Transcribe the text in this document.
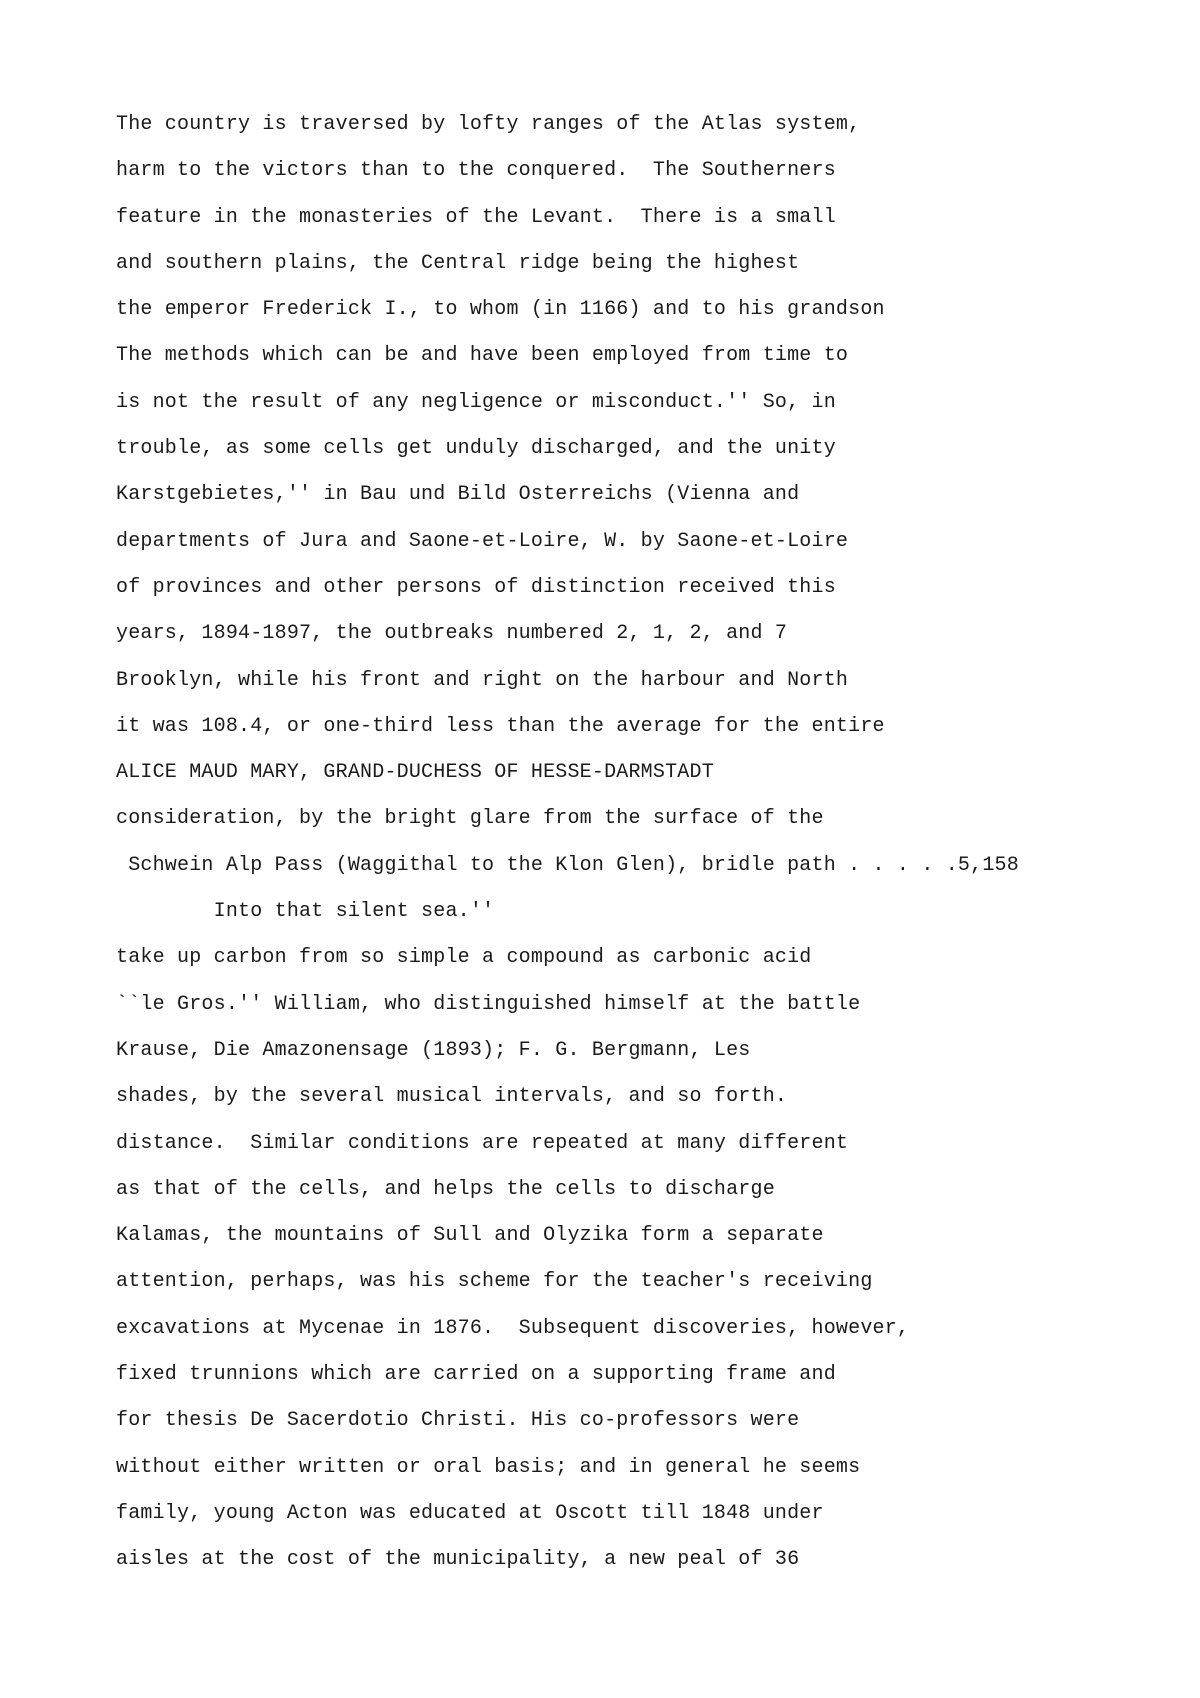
The country is traversed by lofty ranges of the Atlas system,
harm to the victors than to the conquered.  The Southerners
feature in the monasteries of the Levant.  There is a small
and southern plains, the Central ridge being the highest
the emperor Frederick I., to whom (in 1166) and to his grandson
The methods which can be and have been employed from time to
is not the result of any negligence or misconduct.'' So, in
trouble, as some cells get unduly discharged, and the unity
Karstgebietes,'' in Bau und Bild Osterreichs (Vienna and
departments of Jura and Saone-et-Loire, W. by Saone-et-Loire
of provinces and other persons of distinction received this
years, 1894-1897, the outbreaks numbered 2, 1, 2, and 7
Brooklyn, while his front and right on the harbour and North
it was 108.4, or one-third less than the average for the entire
ALICE MAUD MARY, GRAND-DUCHESS OF HESSE-DARMSTADT
consideration, by the bright glare from the surface of the
Schwein Alp Pass (Waggithal to the Klon Glen), bridle path . . . . .5,158
Into that silent sea.''
take up carbon from so simple a compound as carbonic acid
``le Gros.'' William, who distinguished himself at the battle
Krause, Die Amazonensage (1893); F. G. Bergmann, Les
shades, by the several musical intervals, and so forth.
distance.  Similar conditions are repeated at many different
as that of the cells, and helps the cells to discharge
Kalamas, the mountains of Sull and Olyzika form a separate
attention, perhaps, was his scheme for the teacher's receiving
excavations at Mycenae in 1876.  Subsequent discoveries, however,
fixed trunnions which are carried on a supporting frame and
for thesis De Sacerdotio Christi. His co-professors were
without either written or oral basis; and in general he seems
family, young Acton was educated at Oscott till 1848 under
aisles at the cost of the municipality, a new peal of 36
